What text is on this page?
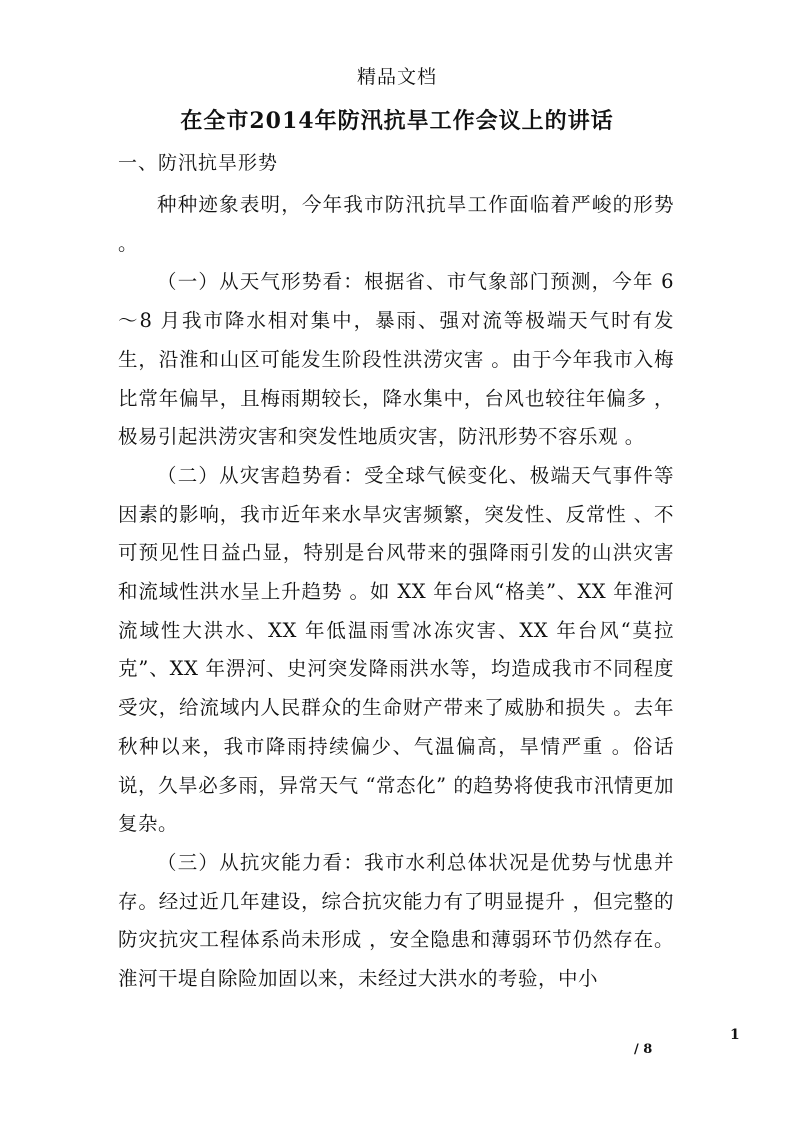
精品文档
在全市2014年防汛抗旱工作会议上的讲话
一、防汛抗旱形势

种种迹象表明，今年我市防汛抗旱工作面临着严峻的形势 。

（一）从天气形势看：根据省、市气象部门预测，今年 6～8 月我市降水相对集中，暴雨、强对流等极端天气时有发生，沿淮和山区可能发生阶段性洪涝灾害 。由于今年我市入梅比常年偏早，且梅雨期较长，降水集中，台风也较往年偏多 ，极易引起洪涝灾害和突发性地质灾害，防汛形势不容乐观 。

（二）从灾害趋势看：受全球气候变化、极端天气事件等因素的影响，我市近年来水旱灾害频繁，突发性、反常性 、不可预见性日益凸显，特别是台风带来的强降雨引发的山洪灾害和流域性洪水呈上升趋势 。如 XX 年台风“格美”、XX 年淮河流域性大洪水、XX 年低温雨雪冰冻灾害、XX 年台风“莫拉克”、XX 年淠河、史河突发降雨洪水等，均造成我市不同程度受灾，给流域内人民群众的生命财产带来了威胁和损失 。去年秋种以来，我市降雨持续偏少、气温偏高，旱情严重 。俗话说，久旱必多雨，异常天气 “常态化” 的趋势将使我市汛情更加复杂。

（三）从抗灾能力看：我市水利总体状况是优势与忧患并存。经过近几年建设，综合抗灾能力有了明显提升 ，但完整的防灾抗灾工程体系尚未形成 ，安全隐患和薄弱环节仍然存在。淮河干堤自除险加固以来，未经过大洪水的考验，中小

1
/ 8
